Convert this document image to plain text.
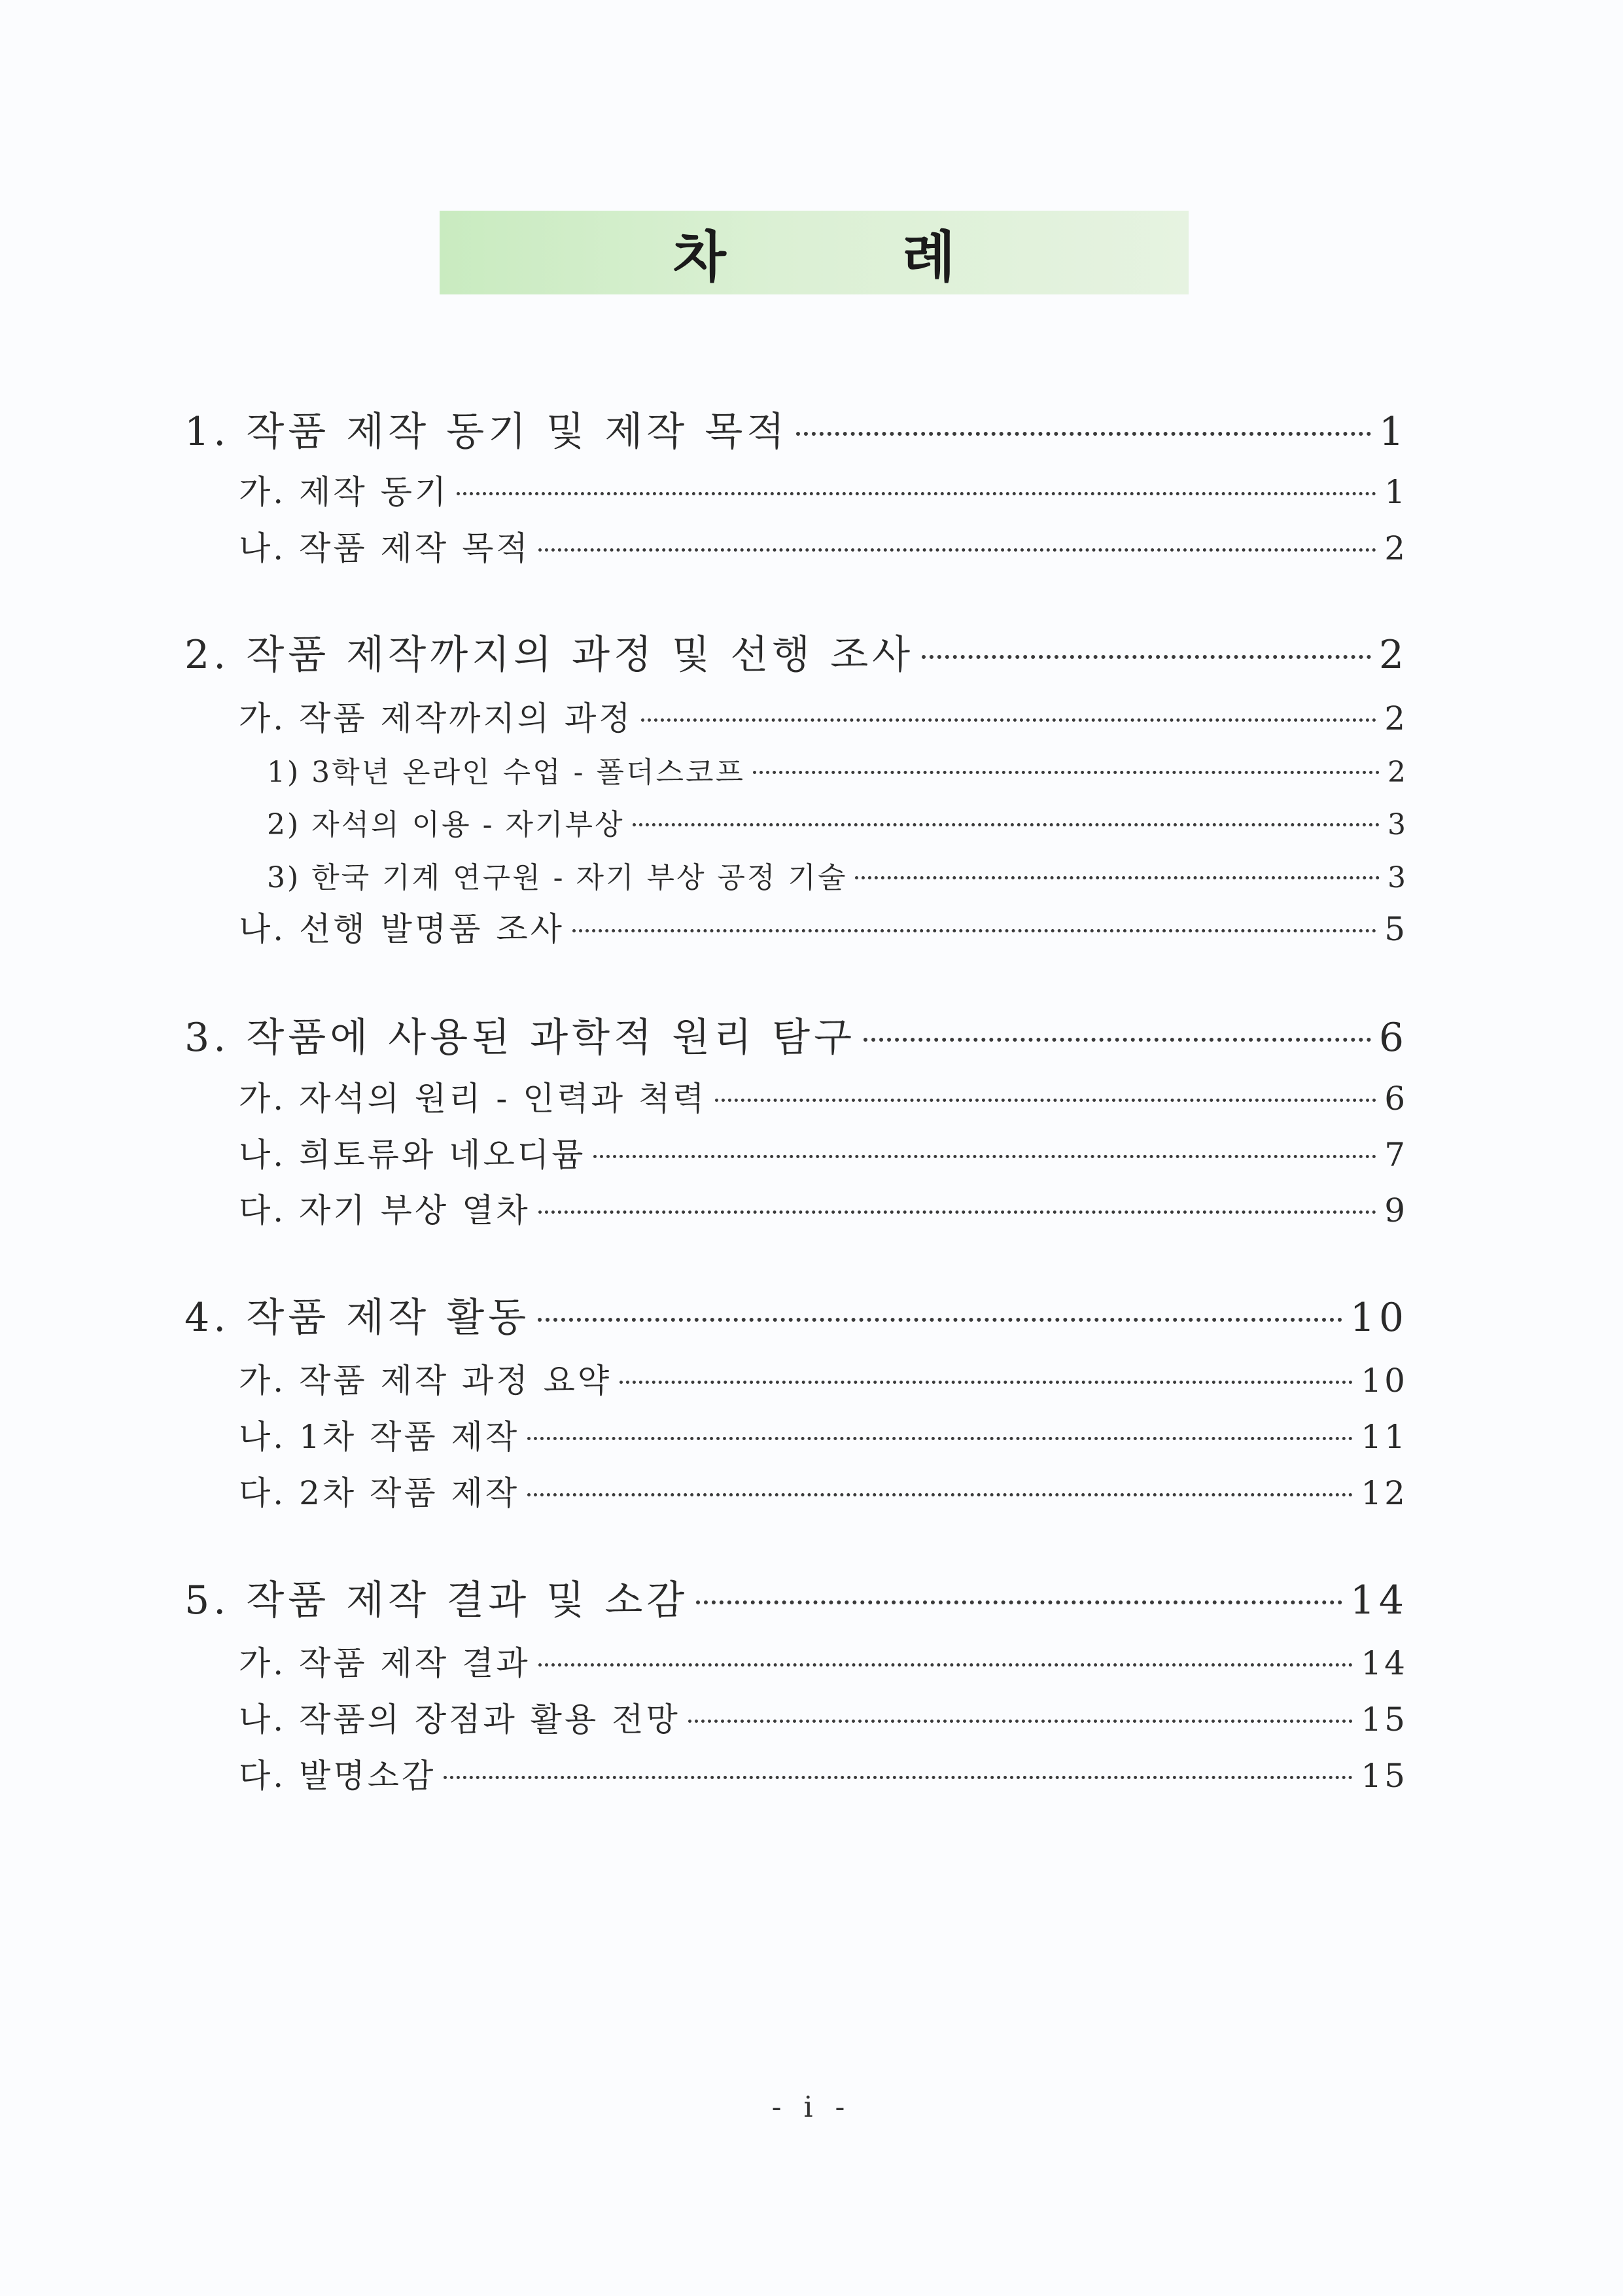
차 례
1. 작품 제작 동기 및 제작 목적	1
가. 제작 동기	1
나. 작품 제작 목적	2
2. 작품 제작까지의 과정 및 선행 조사	2
가. 작품 제작까지의 과정	2
1) 3학년 온라인 수업 - 폴더스코프	2
2) 자석의 이용 - 자기부상	3
3) 한국 기계 연구원 - 자기 부상 공정 기술	3
나. 선행 발명품 조사	5
3. 작품에 사용된 과학적 원리 탐구	6
가. 자석의 원리 - 인력과 척력	6
나. 희토류와 네오디뮴	7
다. 자기 부상 열차	9
4. 작품 제작 활동	10
가. 작품 제작 과정 요약	10
나. 1차 작품 제작	11
다. 2차 작품 제작	12
5. 작품 제작 결과 및 소감	14
가. 작품 제작 결과	14
나. 작품의 장점과 활용 전망	15
다. 발명소감	15
- i -
